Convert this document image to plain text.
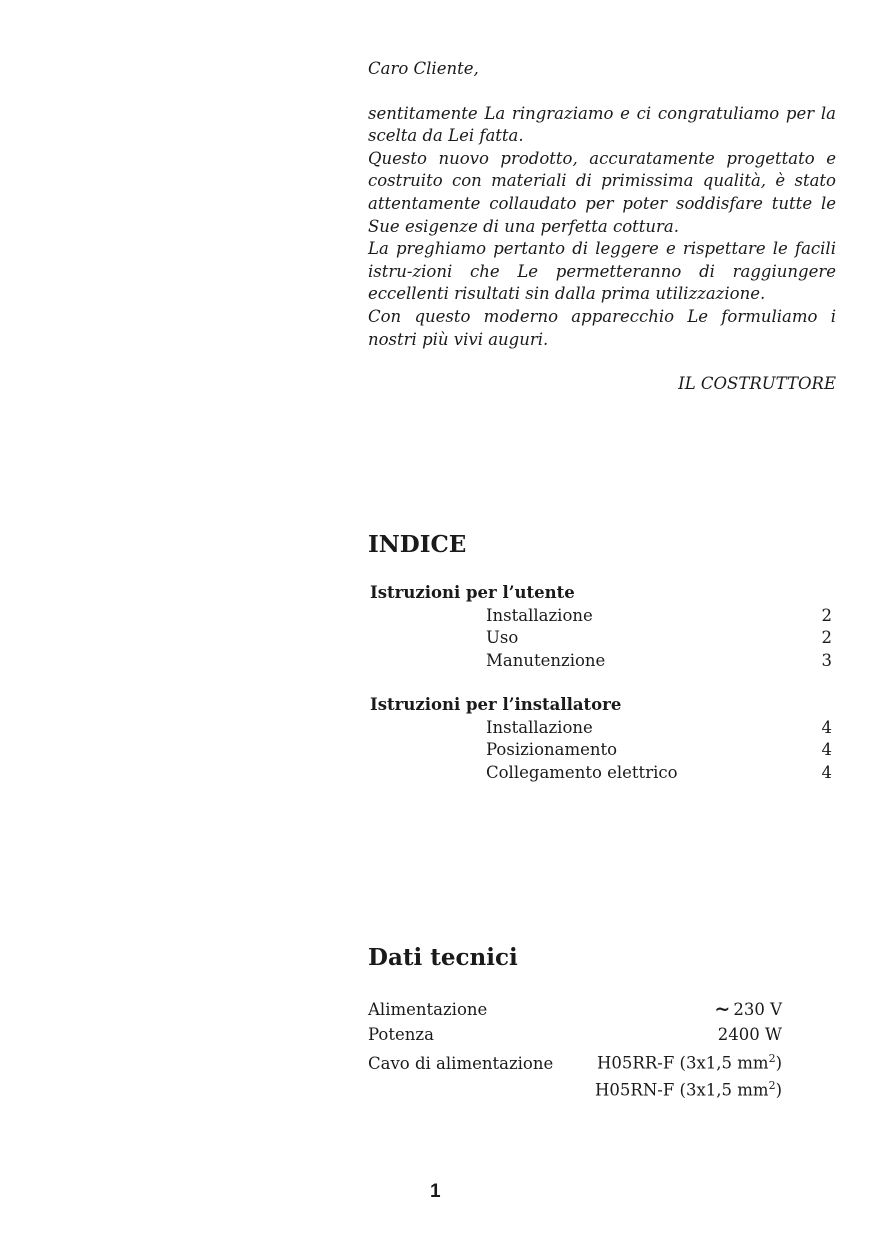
Caro Cliente,

sentitamente La ringraziamo e ci congratuliamo per la scelta da Lei fatta.

Questo nuovo prodotto, accuratamente progettato e costruito con materiali di primissima qualità, è stato attentamente collaudato per poter soddisfare tutte le Sue esigenze di una perfetta cottura.

La preghiamo pertanto di leggere e rispettare le facili istru-zioni che Le permetteranno di raggiungere eccellenti risultati sin dalla prima utilizzazione.

Con questo moderno apparecchio Le formuliamo i nostri più vivi auguri.

IL COSTRUTTORE

INDICE
Istruzioni per l’utente
Installazione	2
Uso	2
Manutenzione	3
Istruzioni per l’installatore
Installazione	4
Posizionamento	4
Collegamento elettrico	4
Dati tecnici
Alimentazione	~ 230 V
Potenza	2400 W
Cavo di alimentazione	H05RR-F (3x1,5 $mm^2$)
H05RN-F (3x1,5 $mm^2$)
1
